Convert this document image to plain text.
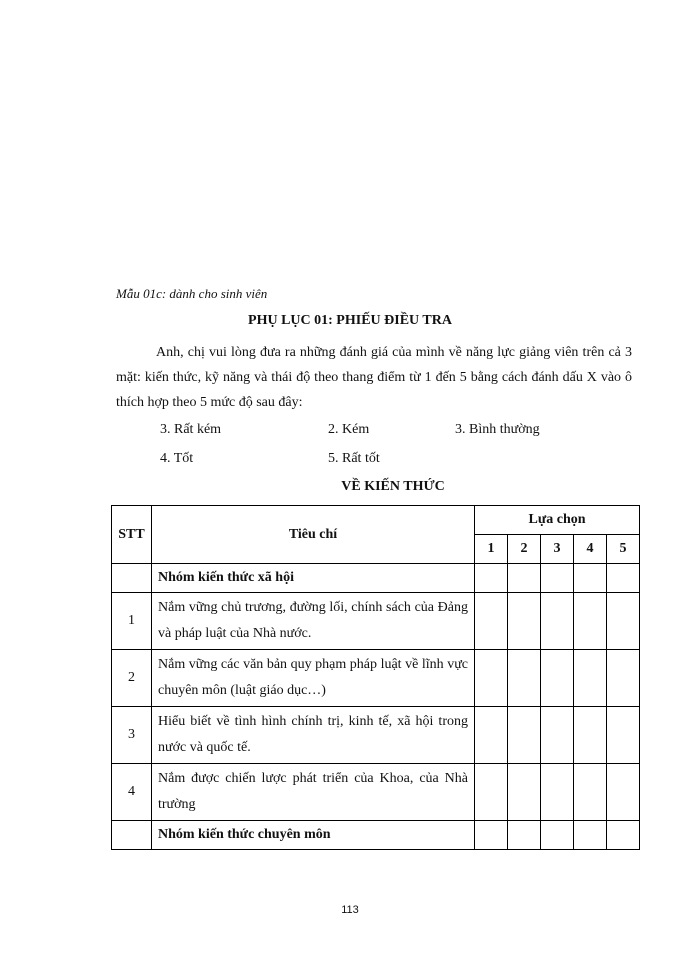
Mẫu 01c: dành cho sinh viên
PHỤ LỤC 01: PHIẾU ĐIỀU TRA
Anh, chị vui lòng đưa ra những đánh giá của mình về năng lực giảng viên trên cả 3 mặt: kiến thức, kỹ năng và thái độ theo thang điểm từ 1 đến 5 bằng cách đánh dấu X vào ô thích hợp theo 5 mức độ sau đây:
3. Rất kém	2. Kém	3. Bình thường
4. Tốt	5. Rất tốt
VỀ KIẾN THỨC
STT	Tiêu chí	Lựa chọn				
		1	2	3	4	5
	Nhóm kiến thức xã hội					
1	Nắm vững chủ trương, đường lối, chính sách của Đảng và pháp luật của Nhà nước.					
2	Nắm vững các văn bản quy phạm pháp luật về lĩnh vực chuyên môn (luật giáo dục…)					
3	Hiểu biết về tình hình chính trị, kinh tế, xã hội trong nước và quốc tế.					
4	Nắm được chiến lược phát triển của Khoa, của Nhà trường					
	Nhóm kiến thức chuyên môn					
113
